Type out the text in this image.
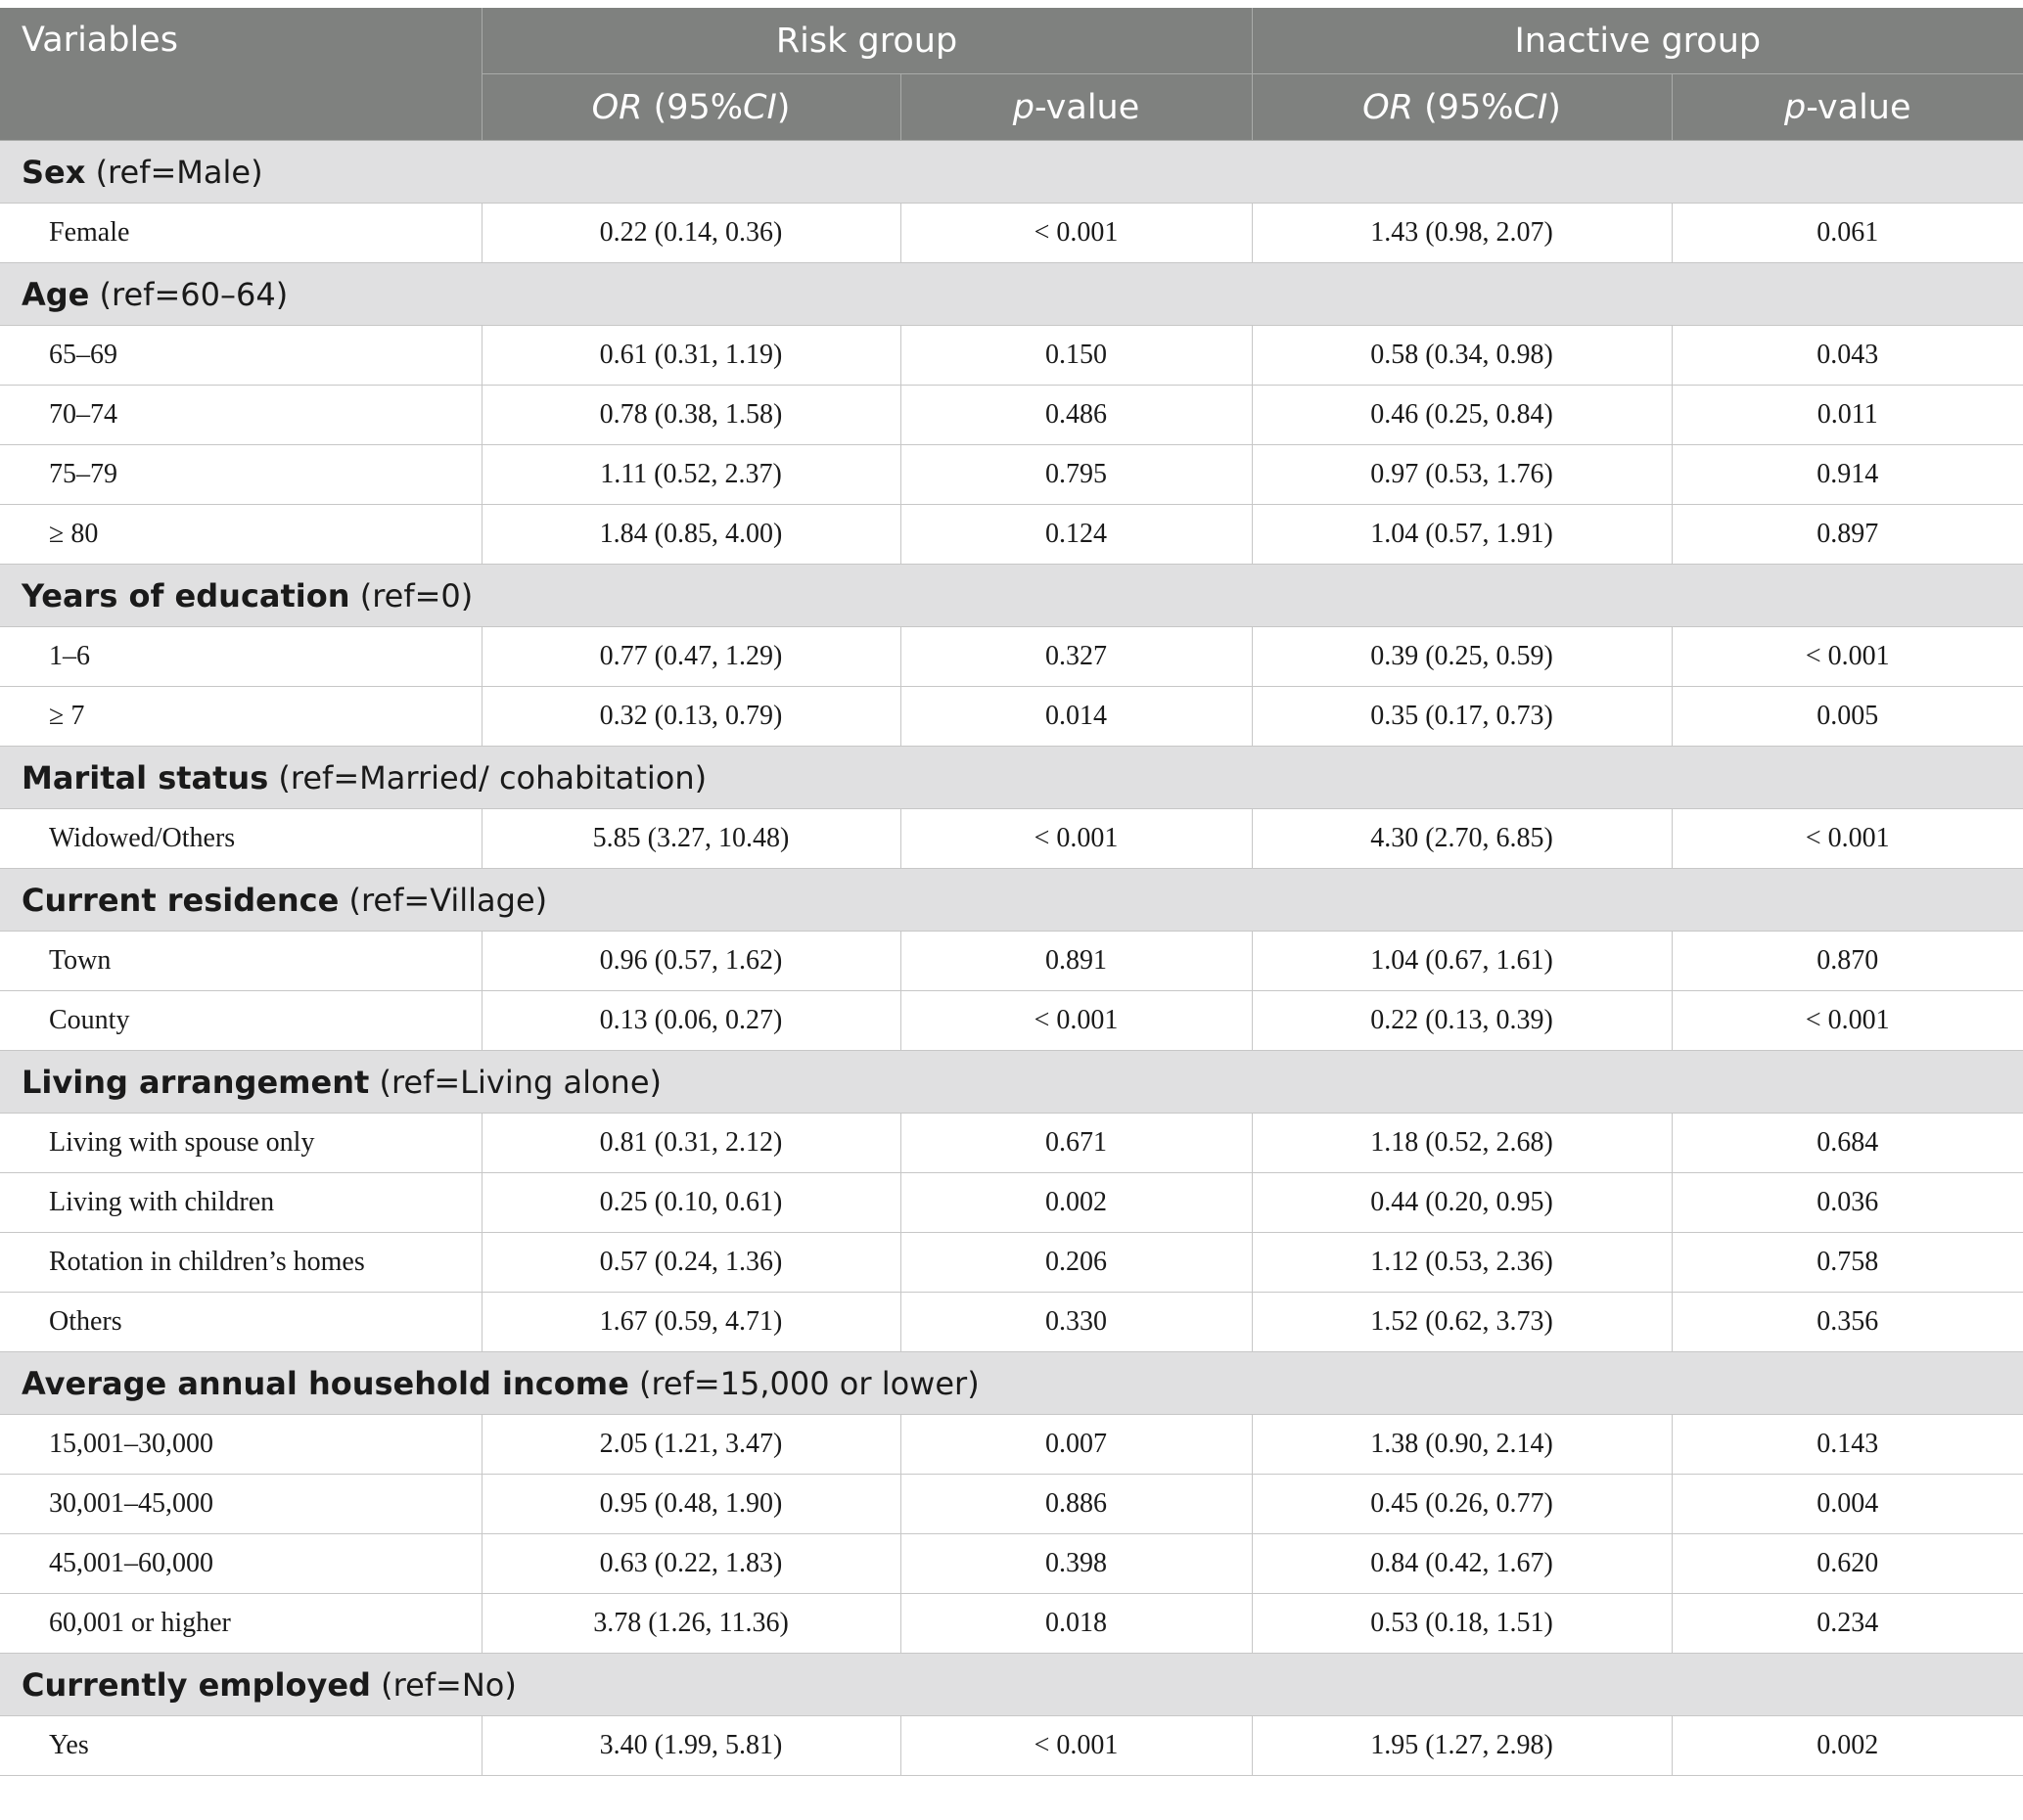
Variables	Risk group		Inactive group	
	OR (95%CI)	p-value	OR (95%CI)	p-value
Sex (ref=Male)				
Female	0.22 (0.14, 0.36)	< 0.001	1.43 (0.98, 2.07)	0.061
Age (ref=60–64)				
65–69	0.61 (0.31, 1.19)	0.150	0.58 (0.34, 0.98)	0.043
70–74	0.78 (0.38, 1.58)	0.486	0.46 (0.25, 0.84)	0.011
75–79	1.11 (0.52, 2.37)	0.795	0.97 (0.53, 1.76)	0.914
≥ 80	1.84 (0.85, 4.00)	0.124	1.04 (0.57, 1.91)	0.897
Years of education (ref=0)				
1–6	0.77 (0.47, 1.29)	0.327	0.39 (0.25, 0.59)	< 0.001
≥ 7	0.32 (0.13, 0.79)	0.014	0.35 (0.17, 0.73)	0.005
Marital status (ref=Married/ cohabitation)				
Widowed/Others	5.85 (3.27, 10.48)	< 0.001	4.30 (2.70, 6.85)	< 0.001
Current residence (ref=Village)				
Town	0.96 (0.57, 1.62)	0.891	1.04 (0.67, 1.61)	0.870
County	0.13 (0.06, 0.27)	< 0.001	0.22 (0.13, 0.39)	< 0.001
Living arrangement (ref=Living alone)				
Living with spouse only	0.81 (0.31, 2.12)	0.671	1.18 (0.52, 2.68)	0.684
Living with children	0.25 (0.10, 0.61)	0.002	0.44 (0.20, 0.95)	0.036
Rotation in children’s homes	0.57 (0.24, 1.36)	0.206	1.12 (0.53, 2.36)	0.758
Others	1.67 (0.59, 4.71)	0.330	1.52 (0.62, 3.73)	0.356
Average annual household income (ref=15,000 or lower)				
15,001–30,000	2.05 (1.21, 3.47)	0.007	1.38 (0.90, 2.14)	0.143
30,001–45,000	0.95 (0.48, 1.90)	0.886	0.45 (0.26, 0.77)	0.004
45,001–60,000	0.63 (0.22, 1.83)	0.398	0.84 (0.42, 1.67)	0.620
60,001 or higher	3.78 (1.26, 11.36)	0.018	0.53 (0.18, 1.51)	0.234
Currently employed (ref=No)				
Yes	3.40 (1.99, 5.81)	< 0.001	1.95 (1.27, 2.98)	0.002
